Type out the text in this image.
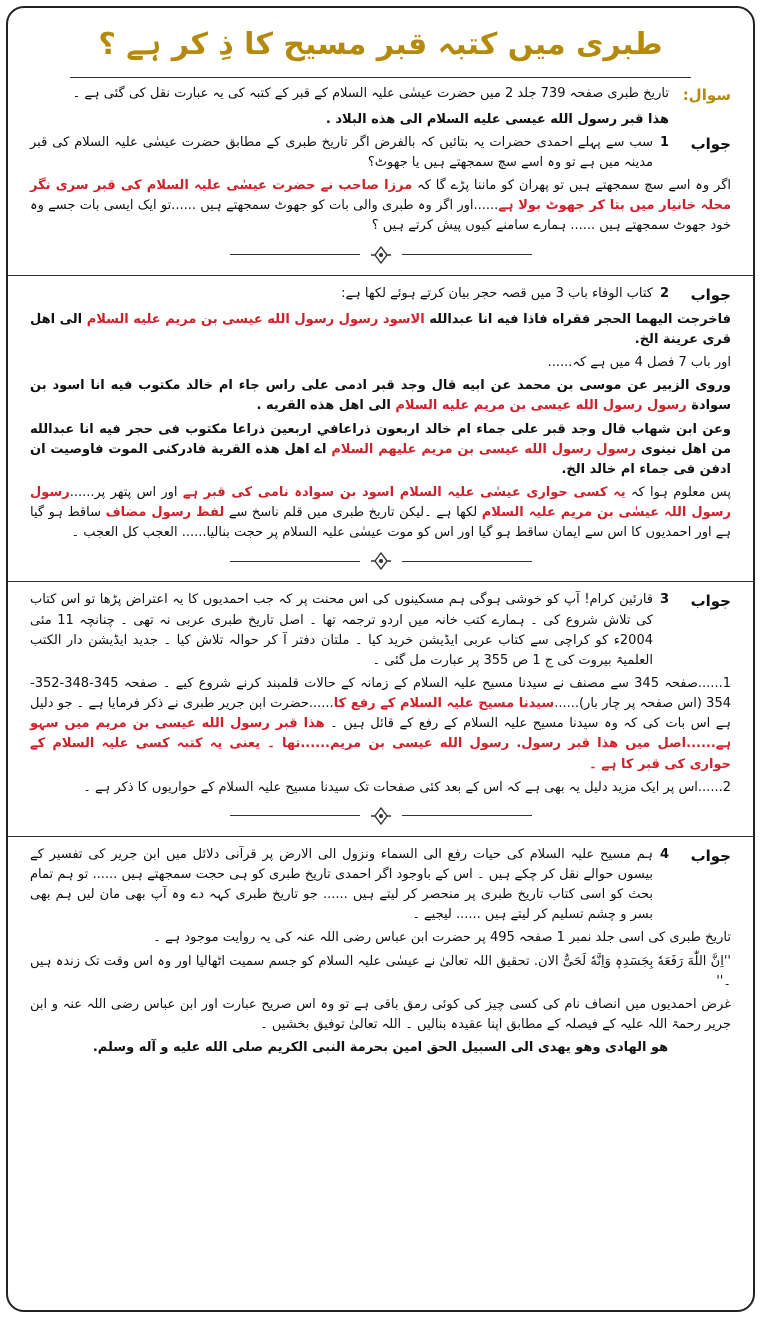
طبری میں کتبہ قبر مسیح کا ذِ کر ہے ؟
سوال:
تاریخ طبری صفحہ 739 جلد 2 میں حضرت عیسٰی علیہ السلام کے قبر کے کتبہ کی یہ عبارت نقل کی گئی ہے ۔
هذا قبر رسول الله عيسى عليه السلام الى هذه البلاد .
جواب
1
سب سے پہلے احمدی حضرات یہ بتائیں کہ بالفرض اگر تاریخ طبری کے مطابق حضرت عیسٰی علیہ السلام کی قبر مدینہ میں ہے تو وہ اسے سچ سمجھتے ہیں یا جھوٹ؟
اگر وہ اسے سچ سمجھتے ہیں تو پھران کو ماننا پڑے گا کہ مرزا صاحب نے حضرت عیسٰی علیہ السلام کی قبر سری نگر محلہ خانیار میں بتا کر جھوٹ بولا ہے......اور اگر وہ طبری والی بات کو جھوٹ سمجھتے ہیں ......تو ایک ایسی بات جسے وہ خود جھوٹ سمجھتے ہیں ...... ہمارے سامنے کیوں پیش کرتے ہیں ؟
جواب
2
کتاب الوفاء باب 3 میں قصہ حجر بیان کرتے ہوئے لکھا ہے:
فاخرجت اليهما الحجر فقراه فاذا فيه انا عبدالله الاسود رسول رسول الله عيسى بن مريم عليه السلام الى اهل قرى عرينة الخ.
اور باب 7 فصل 4 میں ہے کہ......
وروى الزبير عن موسى بن محمد عن ابيه قال وجد قبر ادمى على راس جاء ام خالد مكتوب فيه انا اسود بن سوادة رسول رسول الله عيسى بن مريم عليه السلام الى اهل هذه القريه .
وعن ابن شهاب قال وجد قبر على جماء ام خالد اربعون ذراعافي اربعين ذراعا مكتوب فى حجر فيه انا عبدالله من اهل نينوى رسول رسول الله عيسى بن مريم عليهم السلام اے اهل هذه القرية فادركنى الموت فاوصيت ان ادفن فى جماء ام خالد الخ.
پس معلوم ہوا کہ یہ کسی حواری عیسٰی علیہ السلام اسود بن سوادہ نامی کی قبر ہے اور اس پتھر پر......رسول رسول اللہ عیسٰی بن مریم علیہ السلام لکھا ہے ۔لیکن تاریخ طبری میں قلم ناسخ سے لفظ رسول مضاف ساقط ہو گیا ہے اور احمدیوں کا اس سے ایمان ساقط ہو گیا اور اس کو موت عیسٰی علیہ السلام پر حجت بنالیا...... العجب کل العجب ۔
جواب
3
قارئین کرام! آپ کو خوشی ہوگی ہم مسکینوں کی اس محنت پر کہ جب احمدیوں کا یہ اعتراض پڑھا تو اس کتاب کی تلاش شروع کی ۔ ہمارے کتب خانہ میں اردو ترجمہ تھا ۔ اصل تاریخ طبری عربی نہ تھی ۔ چنانچہ 11 مئی 2004ء کو کراچی سے کتاب عربی ایڈیشن خرید کیا ۔ ملتان دفتر آ کر حوالہ تلاش کیا ۔ جدید ایڈیشن دار الکتب العلمیۃ بیروت کی ج 1 ص 355 پر عبارت مل گئی ۔
1......صفحہ 345 سے مصنف نے سیدنا مسیح علیہ السلام کے زمانہ کے حالات قلمبند کرنے شروع کیے ۔ صفحہ 345-348-352-354 (اس صفحہ پر چار بار)......سیدنا مسیح علیہ السلام کے رفع کا......حضرت ابن جریر طبری نے ذکر فرمایا ہے ۔ جو دلیل ہے اس بات کی کہ وہ سیدنا مسیح علیہ السلام کے رفع کے قائل ہیں ۔ هذا قبر رسول الله عيسى بن مريم میں سہو ہے......اصل میں هذا قبر رسول. رسول الله عيسى بن مريم......تھا ۔ یعنی یہ کتبہ کسی علیہ السلام کے حواری کی قبر کا ہے ۔
2......اس پر ایک مزید دلیل یہ بھی ہے کہ اس کے بعد کئی صفحات تک سیدنا مسیح علیہ السلام کے حواریوں کا ذکر ہے ۔
جواب
4
ہم مسیح علیہ السلام کی حیات رفع الی السماء ونزول الی الارض پر قرآنی دلائل میں ابن جریر کی تفسیر کے بیسوں حوالے نقل کر چکے ہیں ۔ اس کے باوجود اگر احمدی تاریخ طبری کو ہی حجت سمجھتے ہیں ...... تو ہم تمام بحث کو اسی کتاب تاریخ طبری پر منحصر کر لیتے ہیں ...... جو تاریخ طبری کہہ دے وہ آپ بھی مان لیں ہم بھی بسر و چشم تسلیم کر لیتے ہیں ...... لیجیے ۔
تاریخ طبری کی اسی جلد نمبر 1 صفحہ 495 پر حضرت ابن عباس رضی اللہ عنہ کی یہ روایت موجود ہے ۔
''اِنَّ اللّٰهَ رَفَعَهٗ بِجَسَدِهٖ وَاِنَّهٗ لَحَیٌّ الان. تحقیق اللہ تعالیٰ نے عیسٰی علیہ السلام کو جسم سمیت اٹھالیا اور وہ اس وقت تک زندہ ہیں ۔''
غرض احمدیوں میں انصاف نام کی کسی چیز کی کوئی رمق باقی ہے تو وہ اس صریح عبارت اور ابن عباس رضی اللہ عنہ و ابن جریر رحمۃ اللہ علیہ کے فیصلہ کے مطابق اپنا عقیدہ بنالیں ۔ اللہ تعالیٰ توفیق بخشیں ۔
هو الهادى وهو يهدى الى السبيل الحق امين بحرمة النبى الكريم صلى الله عليه و آله وسلم.
